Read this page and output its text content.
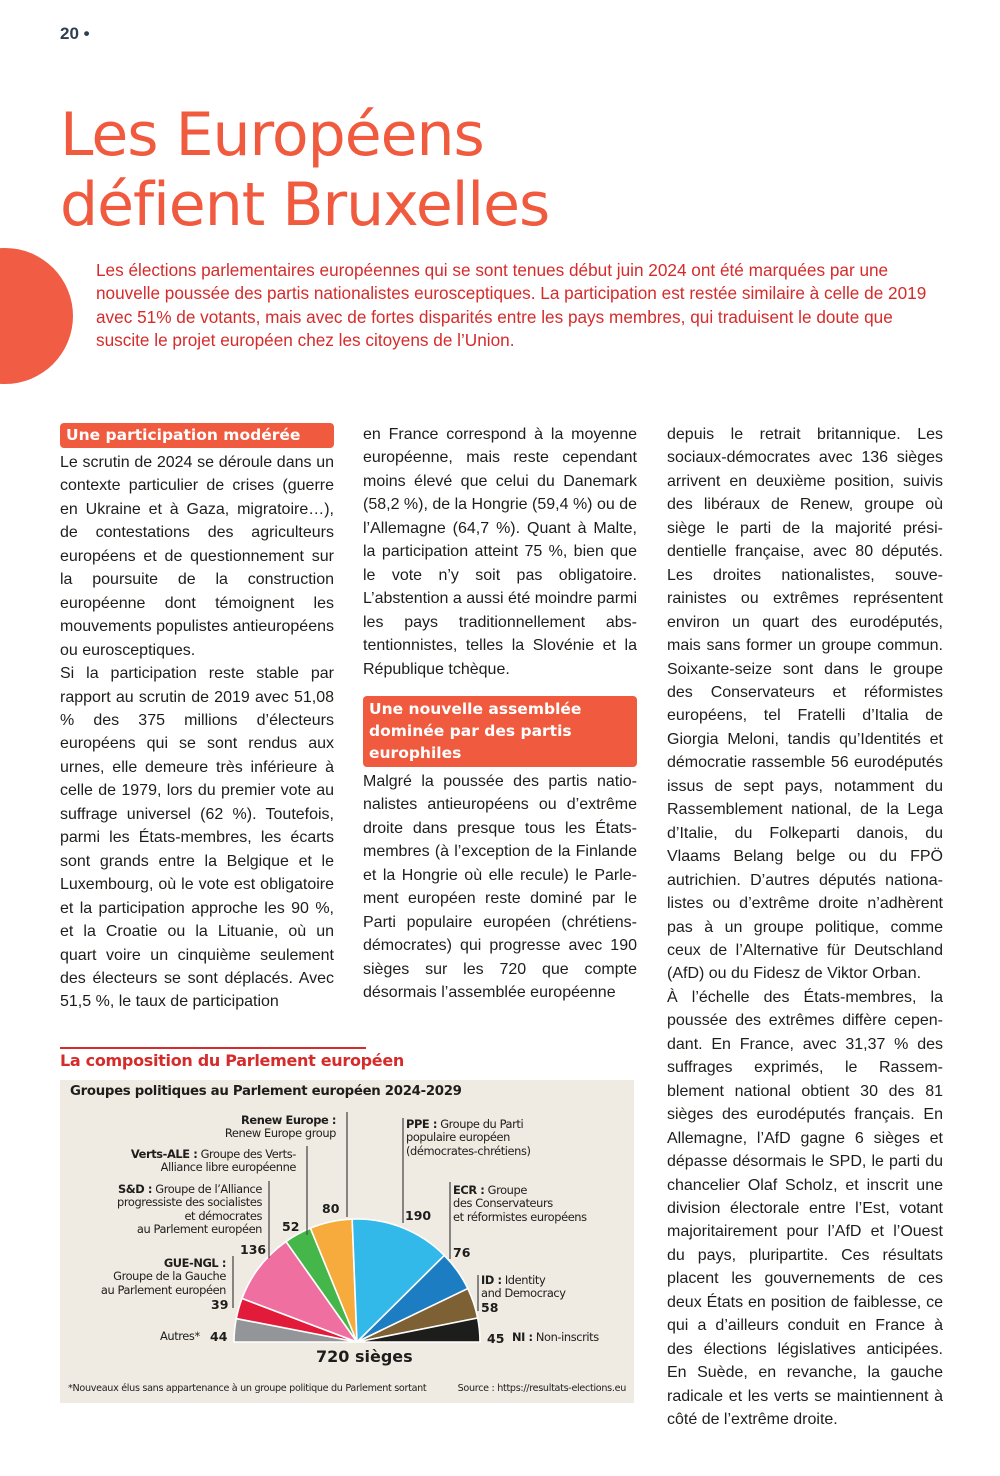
20 •
Les Européens
défient Bruxelles

Les élections parlementaires européennes qui se sont tenues début juin 2024 ont été marquées par une nouvelle poussée des partis nationalistes eurosceptiques. La participation est restée similaire à celle de 2019 avec 51% de votants, mais avec de fortes disparités entre les pays membres, qui traduisent le doute que suscite le projet européen chez les citoyens de l’Union.

Une participation modérée

Le scrutin de 2024 se déroule dans un contexte particulier de crises (guerre en Ukraine et à Gaza, migratoire…), de contestations des agriculteurs européens et de questionnement sur la poursuite de la construction européenne dont témoignent les mouvements populistes antieuropéens ou eurosceptiques.

Si la participation reste stable par rapport au scrutin de 2019 avec 51,08 % des 375 millions d’électeurs européens qui se sont rendus aux urnes, elle demeure très inférieure à celle de 1979, lors du premier vote au suffrage universel (62 %). Toutefois, parmi les États-membres, les écarts sont grands entre la Belgique et le Luxembourg, où le vote est obligatoire et la participation approche les 90 %, et la Croatie ou la Lituanie, où un quart voire un cinquième seulement des électeurs se sont déplacés. Avec 51,5 %, le taux de participation

en France correspond à la moyenne européenne, mais reste cependant moins élevé que celui du Danemark (58,2 %), de la Hongrie (59,4 %) ou de l’Allemagne (64,7 %). Quant à Malte, la participation atteint 75 %, bien que le vote n’y soit pas obligatoire. L’abstention a aussi été moindre parmi les pays traditionnellement abstentionnistes, telles la Slovénie et la République tchèque.

Une nouvelle assemblée dominée par des partis europhiles

Malgré la poussée des partis nationalistes antieuropéens ou d’extrême droite dans presque tous les États-membres (à l’exception de la Finlande et la Hongrie où elle recule) le Parlement européen reste dominé par le Parti populaire européen (chrétiens-démocrates) qui progresse avec 190 sièges sur les 720 que compte désormais l’assemblée européenne

depuis le retrait britannique. Les sociaux-démocrates avec 136 sièges arrivent en deuxième position, suivis des libéraux de Renew, groupe où siège le parti de la majorité présidentielle française, avec 80 députés. Les droites nationalistes, souverainistes ou extrêmes représentent environ un quart des eurodéputés, mais sans former un groupe commun. Soixante-seize sont dans le groupe des Conservateurs et réformistes européens, tel Fratelli d’Italia de Giorgia Meloni, tandis qu’Identités et démocratie rassemble 56 eurodéputés issus de sept pays, notamment du Rassemblement national, de la Lega d’Italie, du Folkeparti danois, du Vlaams Belang belge ou du FPÖ autrichien. D’autres députés nationalistes ou d’extrême droite n’adhèrent pas à un groupe politique, comme ceux de l’Alternative für Deutschland (AfD) ou du Fidesz de Viktor Orban.

À l’échelle des États-membres, la poussée des extrêmes diffère cependant. En France, avec 31,37 % des suffrages exprimés, le Rassemblement national obtient 30 des 81 sièges des eurodéputés français. En Allemagne, l’AfD gagne 6 sièges et dépasse désormais le SPD, le parti du chancelier Olaf Scholz, et inscrit une division électorale entre l’Est, votant majoritairement pour l’AfD et l’Ouest du pays, pluripartite. Ces résultats placent les gouvernements de ces deux États en position de faiblesse, ce qui a d’ailleurs conduit en France à des élections législatives anticipées. En Suède, en revanche, la gauche radicale et les verts se maintiennent à côté de l’extrême droite.

La composition du Parlement européen
Groupes politiques au Parlement européen 2024-2029
Renew Europe :
Renew Europe group
Verts-ALE : Groupe des Verts-
Alliance libre européenne
S&D : Groupe de l’Alliance
progressiste des socialistes
et démocrates
au Parlement européen
GUE-NGL :
Groupe de la Gauche
au Parlement européen
Autres*
PPE : Groupe du Parti
populaire européen
(démocrates-chrétiens)
ECR : Groupe
des Conservateurs
et réformistes européens
ID : Identity
and Democracy
NI : Non-inscrits
44
39
136
52
80	190
76
58
45
720 sièges
*Nouveaux élus sans appartenance à un groupe politique du Parlement sortant	Source : https://resultats-elections.eu
